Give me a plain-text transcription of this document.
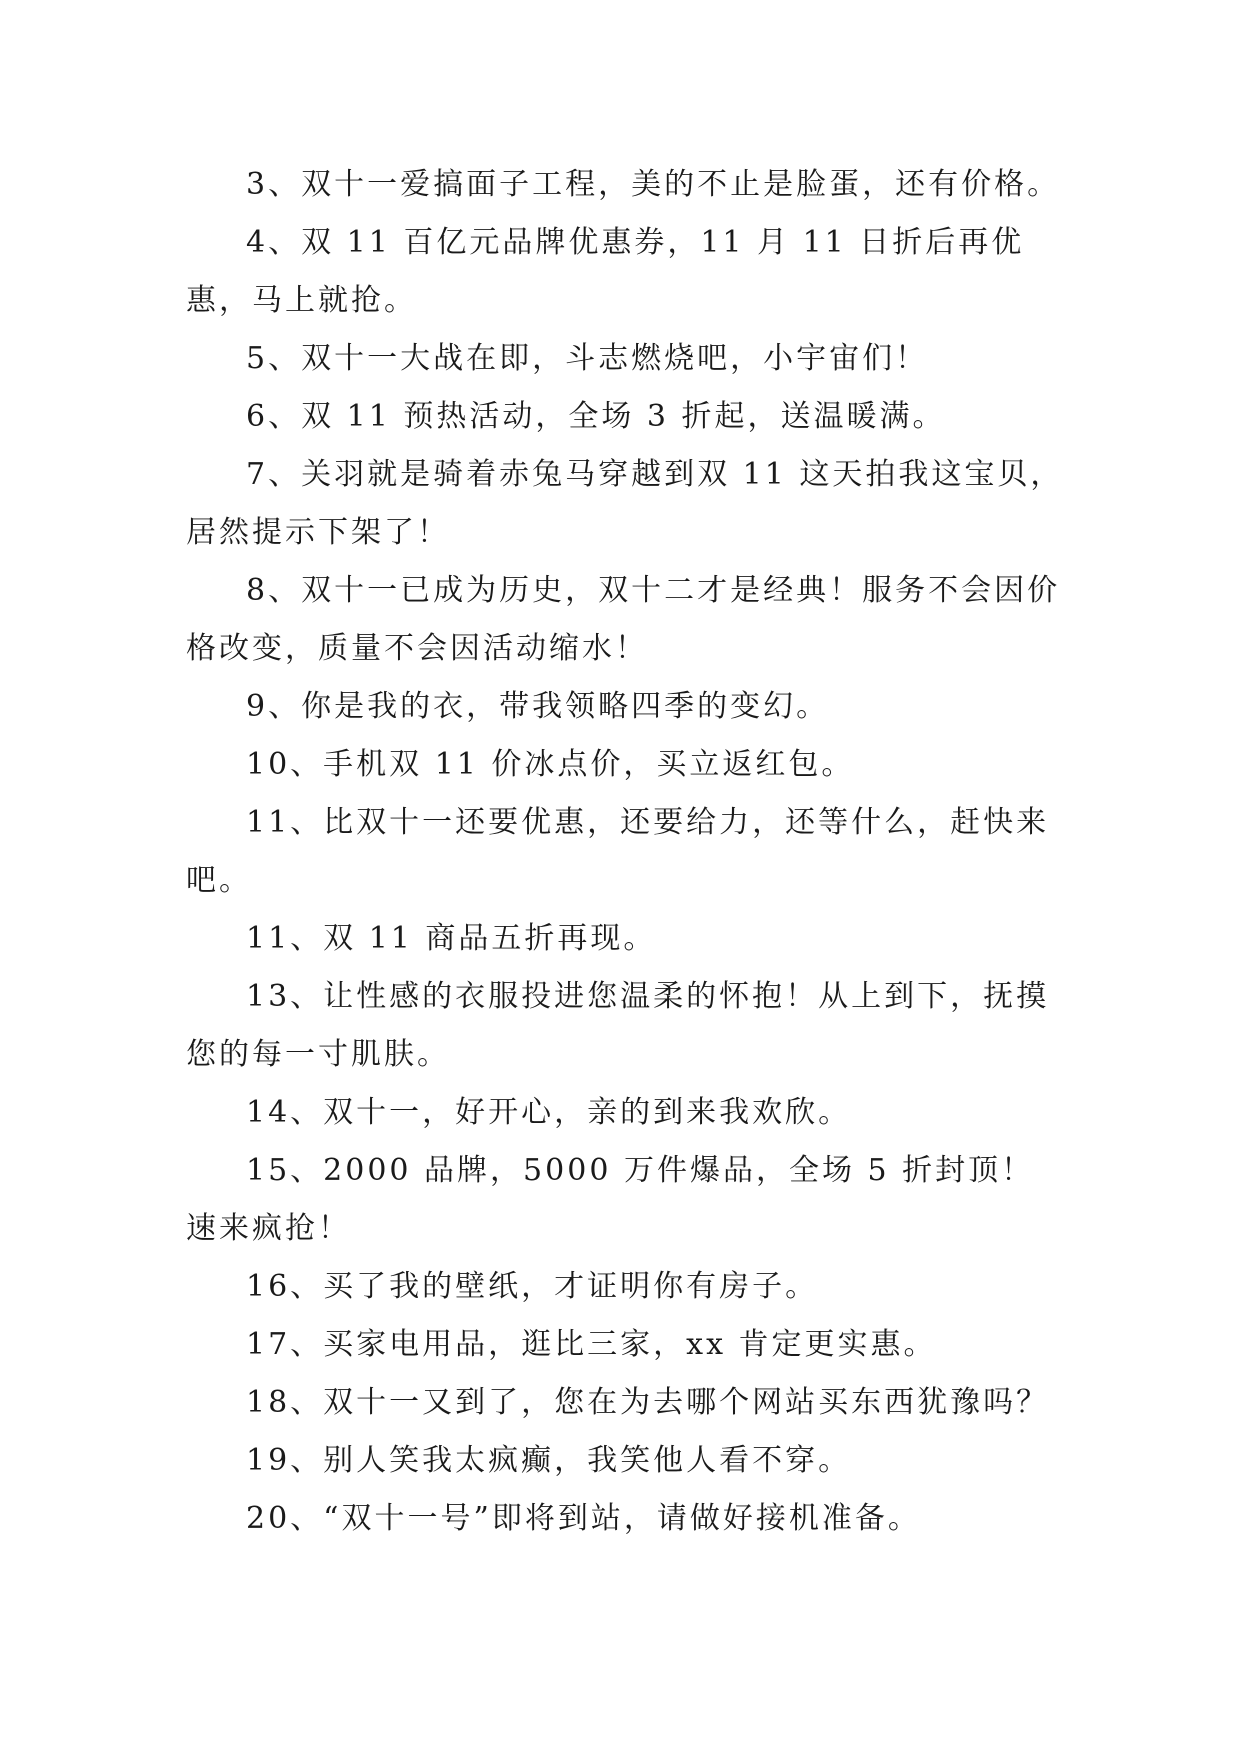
3、双十一爱搞面子工程，美的不止是脸蛋，还有价格。

4、双 11 百亿元品牌优惠券，11 月 11 日折后再优惠，马上就抢。

5、双十一大战在即，斗志燃烧吧，小宇宙们！

6、双 11 预热活动，全场 3 折起，送温暖满。

7、关羽就是骑着赤兔马穿越到双 11 这天拍我这宝贝，居然提示下架了！

8、双十一已成为历史，双十二才是经典！服务不会因价格改变，质量不会因活动缩水！

9、你是我的衣，带我领略四季的变幻。

10、手机双 11 价冰点价，买立返红包。

11、比双十一还要优惠，还要给力，还等什么，赶快来吧。

11、双 11 商品五折再现。

13、让性感的衣服投进您温柔的怀抱！从上到下，抚摸您的每一寸肌肤。

14、双十一，好开心，亲的到来我欢欣。

15、2000 品牌，5000 万件爆品，全场 5 折封顶！速来疯抢！

16、买了我的壁纸，才证明你有房子。

17、买家电用品，逛比三家，xx 肯定更实惠。

18、双十一又到了，您在为去哪个网站买东西犹豫吗？

19、别人笑我太疯癫，我笑他人看不穿。

20、“双十一号”即将到站，请做好接机准备。
